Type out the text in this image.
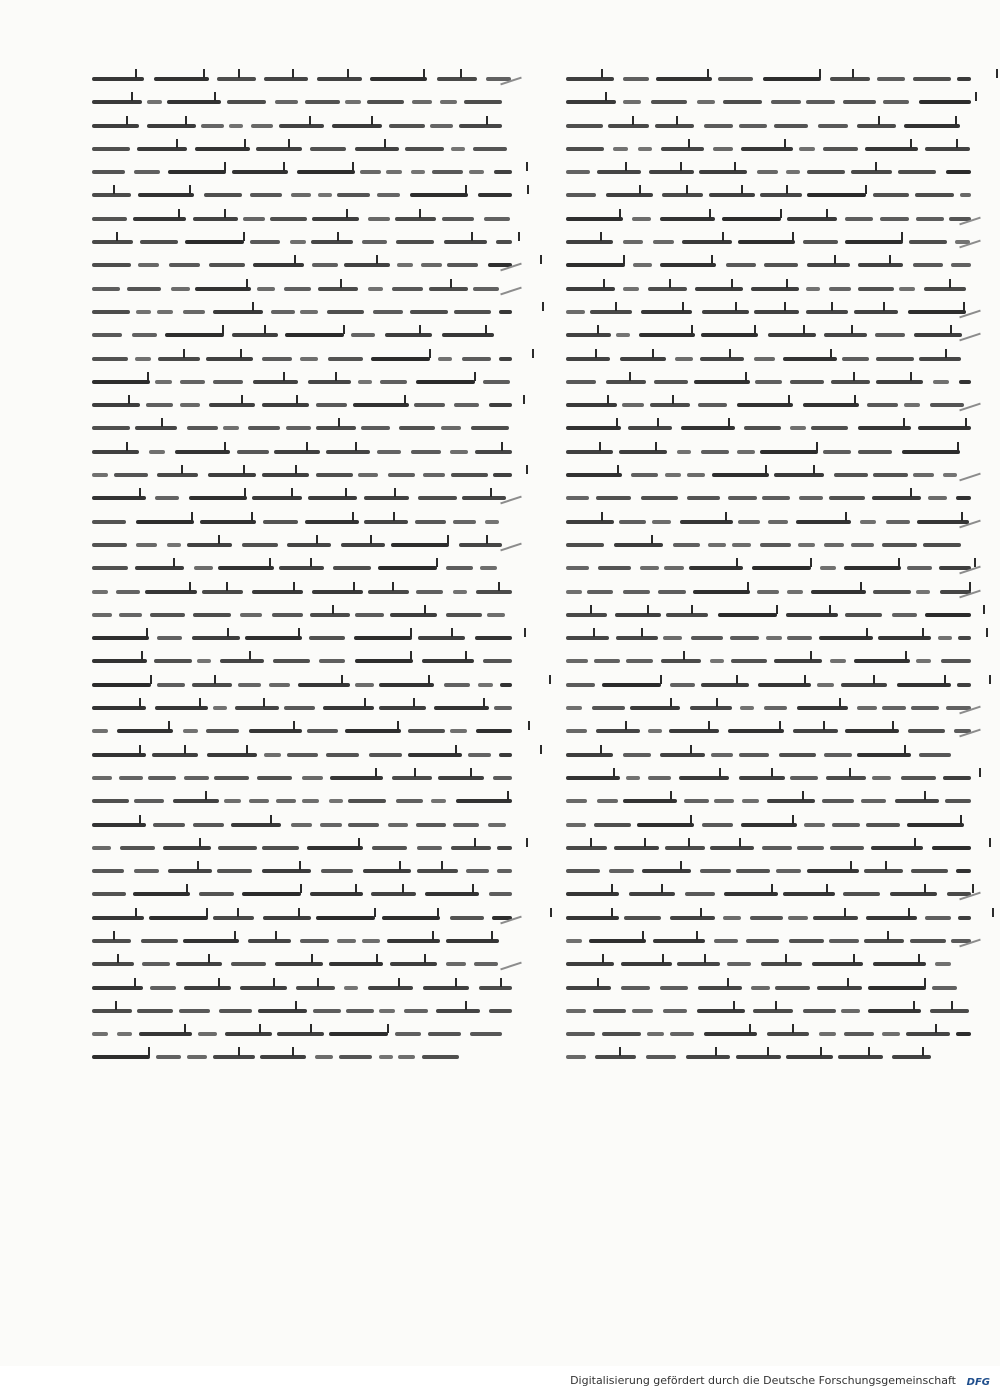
Digitalisierung gefördert durch die Deutsche Forschungsgemeinschaft DFG
